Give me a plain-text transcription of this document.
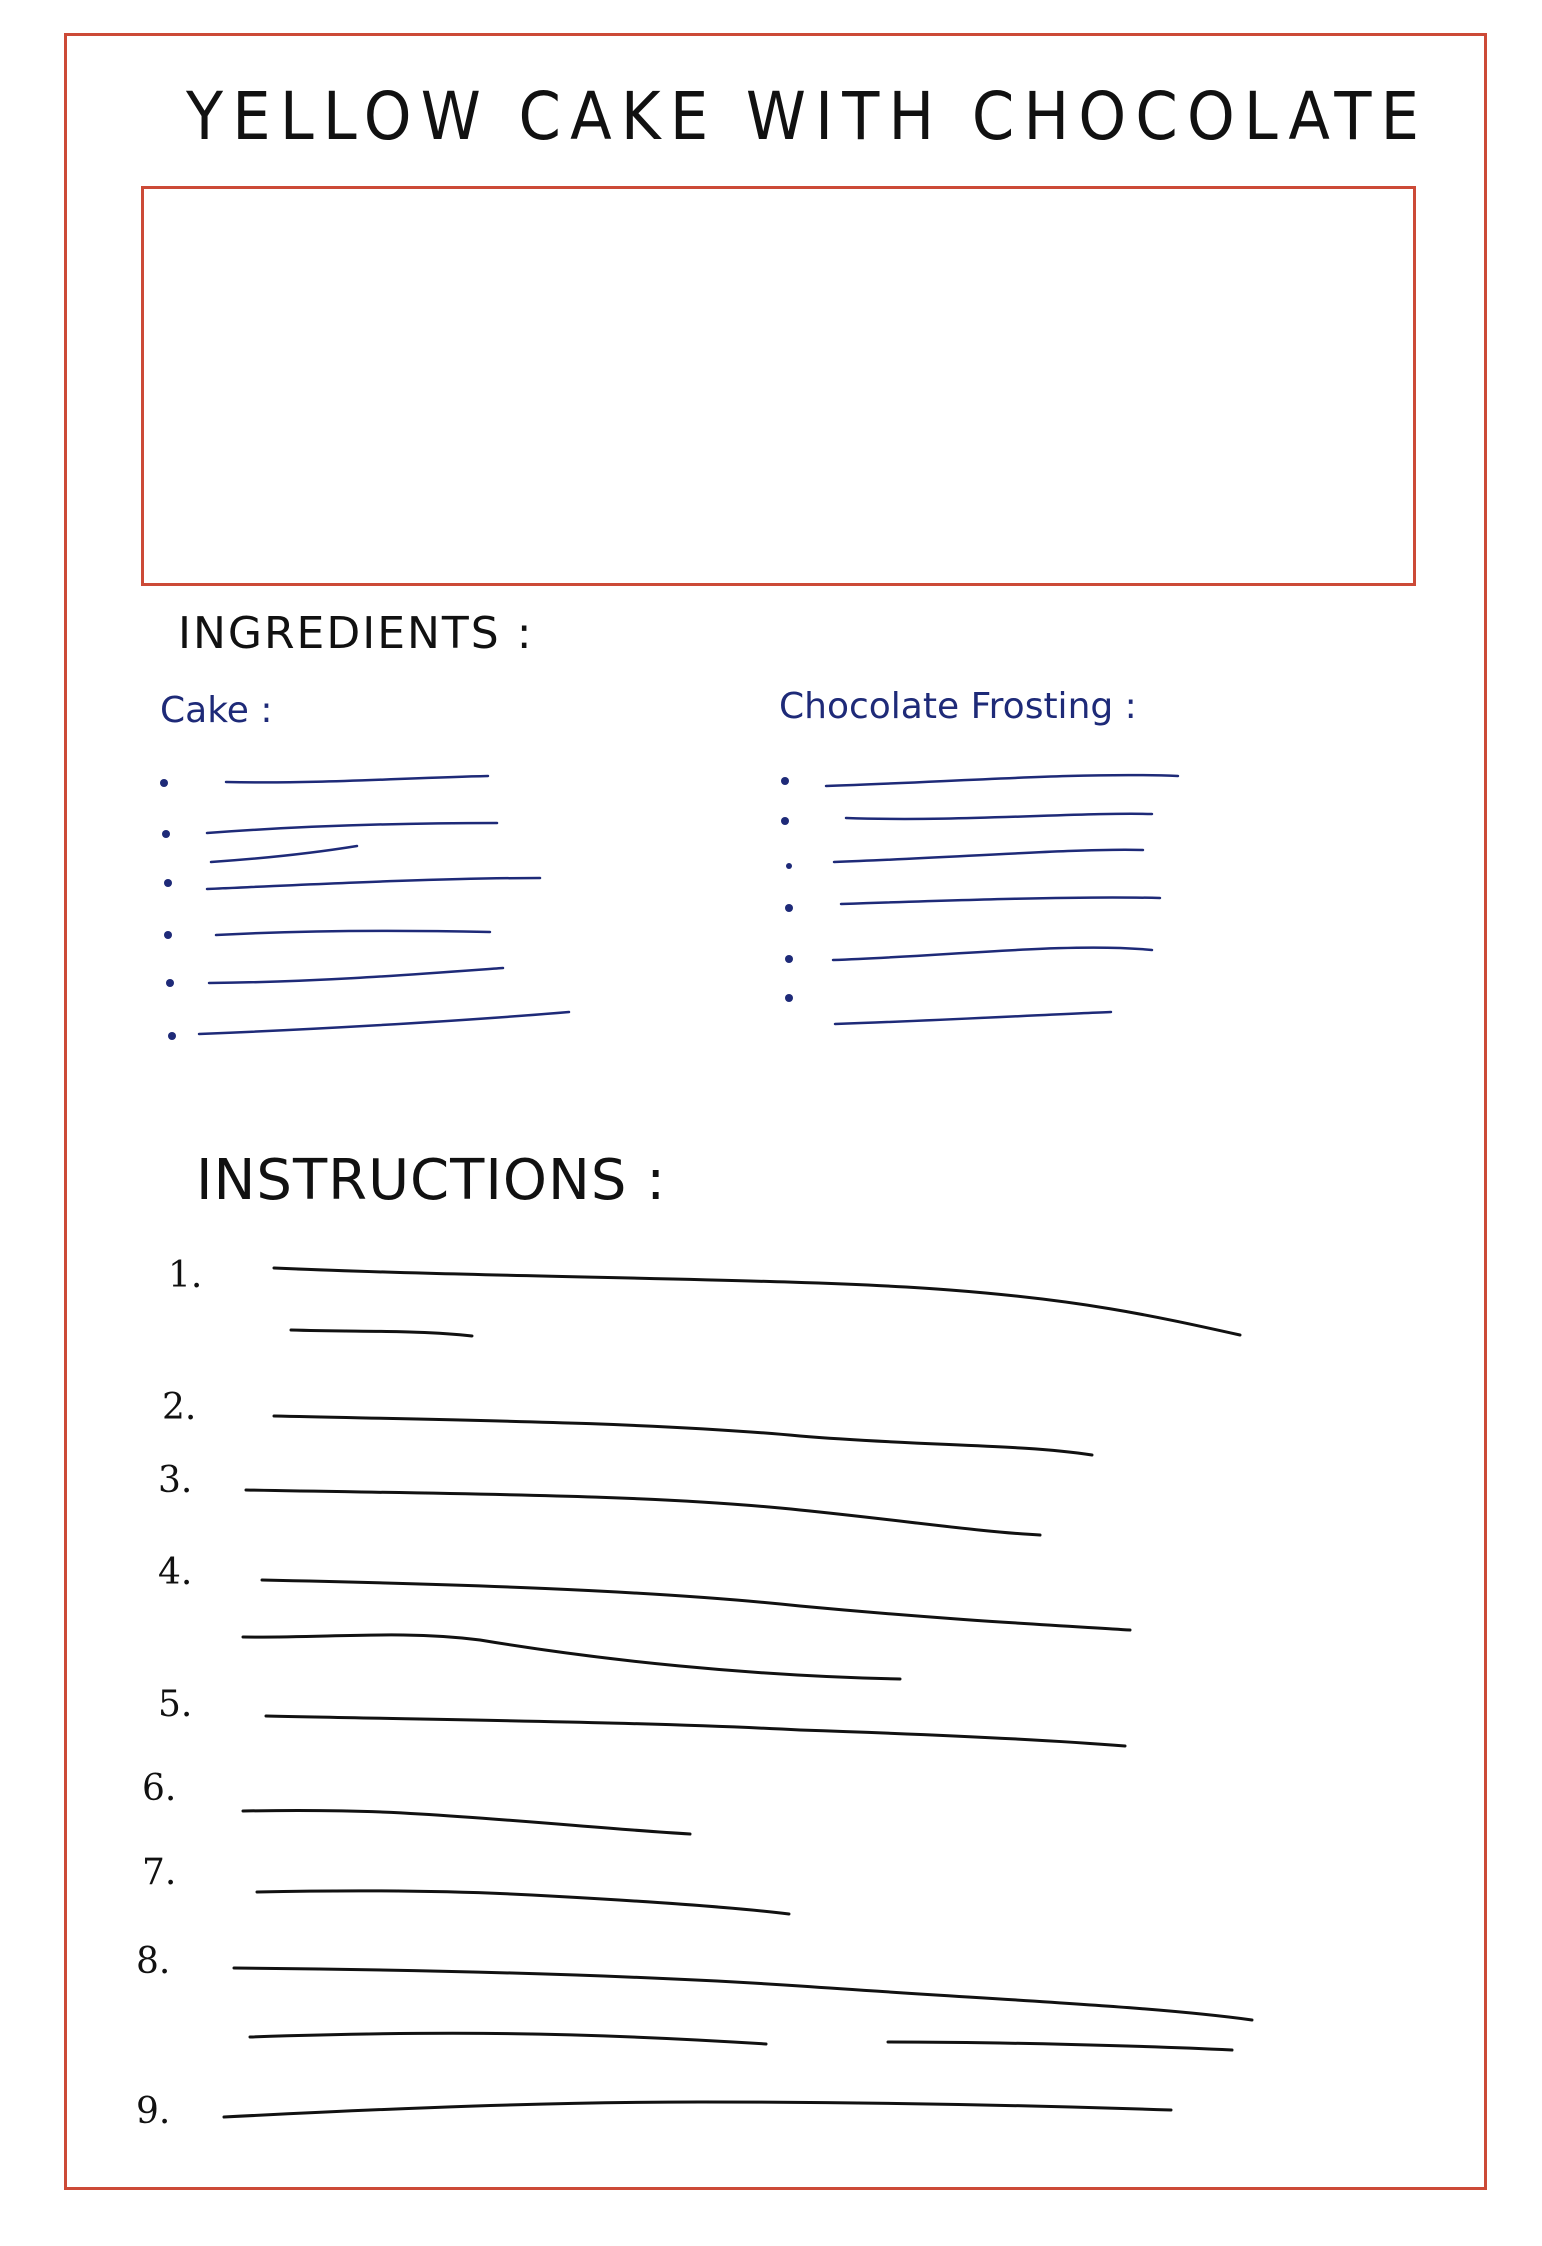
YELLOW CAKE WITH CHOCOLATE
INGREDIENTS :
Cake :	Chocolate Frosting :
INSTRUCTIONS :
1.
2.
3.
4.
5.
6.
7.
8.
9.
